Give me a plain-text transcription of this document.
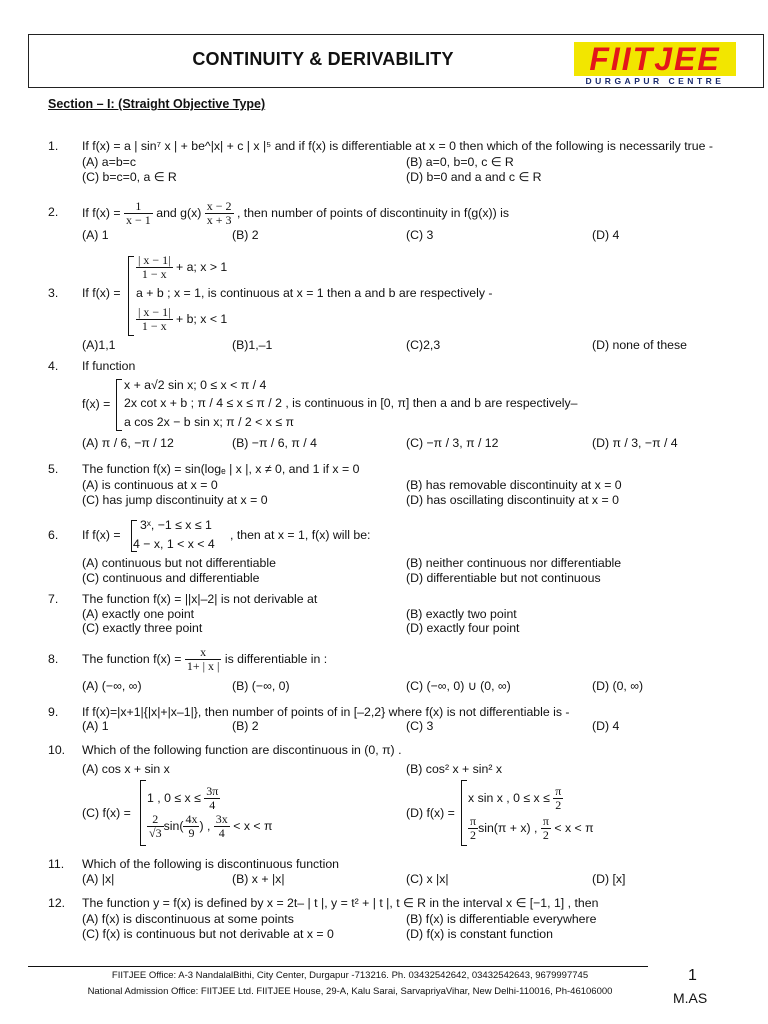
CONTINUITY & DERIVABILITY	FIITJEE
DURGAPUR CENTRE
Section – I: (Straight Objective Type)
1. If f(x) = a | sin⁷ x | + be^|x| + c | x |⁵ and if f(x) is differentiable at x = 0 then which of the following is necessarily true -
(A) a=b=c	(B) a=0, b=0, c ∈ R
(C) b=c=0, a ∈ R	(D) b=0 and a and c ∈ R
2. If $f(x) = \frac{1}{x - 1}$ and $g(x) \frac{x - 2}{x + 3}$ , then number of points of discontinuity in f(g(x)) is
(A) 1	(B) 2	(C) 3	(D) 4
3. If f(x) =
$\frac{| x - 1|}{1 - x} + a$; x > 1
a + b ; x = 1, is continuous at x = 1 then a and b are respectively -
$\frac{| x - 1|}{1 - x} + b$; x < 1
(A)1,1	(B)1,–1	(C)2,3	(D) none of these
4. If function
f(x) =
x + a√2 sin x; 0 ≤ x < π / 4
2x cot x + b ; π / 4 ≤ x ≤ π / 2 , is continuous in [0, π] then a and b are respectively–
a cos 2x − b sin x; π / 2 < x ≤ π
(A) π / 6, −π / 12	(B) −π / 6, π / 4	(C) −π / 3, π / 12	(D) π / 3, −π / 4
5. The function f(x) = sin(logₑ | x |, x ≠ 0, and 1 if x = 0
(A) is continuous at x = 0	(B) has removable discontinuity at x = 0
(C) has jump discontinuity at x = 0	(D) has oscillating discontinuity at x = 0
6. If f(x) =
3ˣ, −1 ≤ x ≤ 1
4 − x, 1 < x < 4
, then at x = 1, f(x) will be:
(A) continuous but not differentiable	(B) neither continuous nor differentiable
(C) continuous and differentiable	(D) differentiable but not continuous
7. The function f(x) = ||x|–2| is not derivable at
(A) exactly one point	(B) exactly two point
(C) exactly three point	(D) exactly four point
8. The function $f(x) = \frac{x}{1+ | x |}$ is differentiable in :
(A) (−∞, ∞)	(B) (−∞, 0)	(C) (−∞, 0) ∪ (0, ∞)	(D) (0, ∞)
9. If f(x)=|x+1|{|x|+|x–1|}, then number of points of in [–2,2} where f(x) is not differentiable is -
(A) 1	(B) 2	(C) 3	(D) 4
10. Which of the following function are discontinuous in (0, π) .
(A) cos x + sin x	(B) cos² x + sin² x
(C) f(x) =
1 , $0 \le x \le \frac{3\pi}{4}$
$\frac{2}{√3} \sin( \frac{4x}{9}$ ) , $\frac{3x}{4} < x < \pi$
(D) f(x) =
x sin x , $0 \le x \le \frac{\pi}{2}$
$\frac{\pi}{2} \sin(\pi + x)$ , $\frac{\pi}{2} < x < \pi$
11. Which of the following is discontinuous function
(A) |x|	(B) x + |x|	(C) x |x|	(D) [x]
12. The function y = f(x) is defined by x = 2t– | t |, y = t² + | t |, t ∈ R in the interval x ∈ [−1, 1] , then
(A) f(x) is discontinuous at some points	(B) f(x) is differentiable everywhere
(C) f(x) is continuous but not derivable at x = 0	(D) f(x) is constant function
FIITJEE Office: A-3 NandalalBithi, City Center, Durgapur -713216. Ph. 03432542642, 03432542643, 9679997745
National Admission Office: FIITJEE Ltd. FIITJEE House, 29-A, Kalu Sarai, SarvapriyaVihar, New Delhi-110016, Ph-46106000
1
M.AS
